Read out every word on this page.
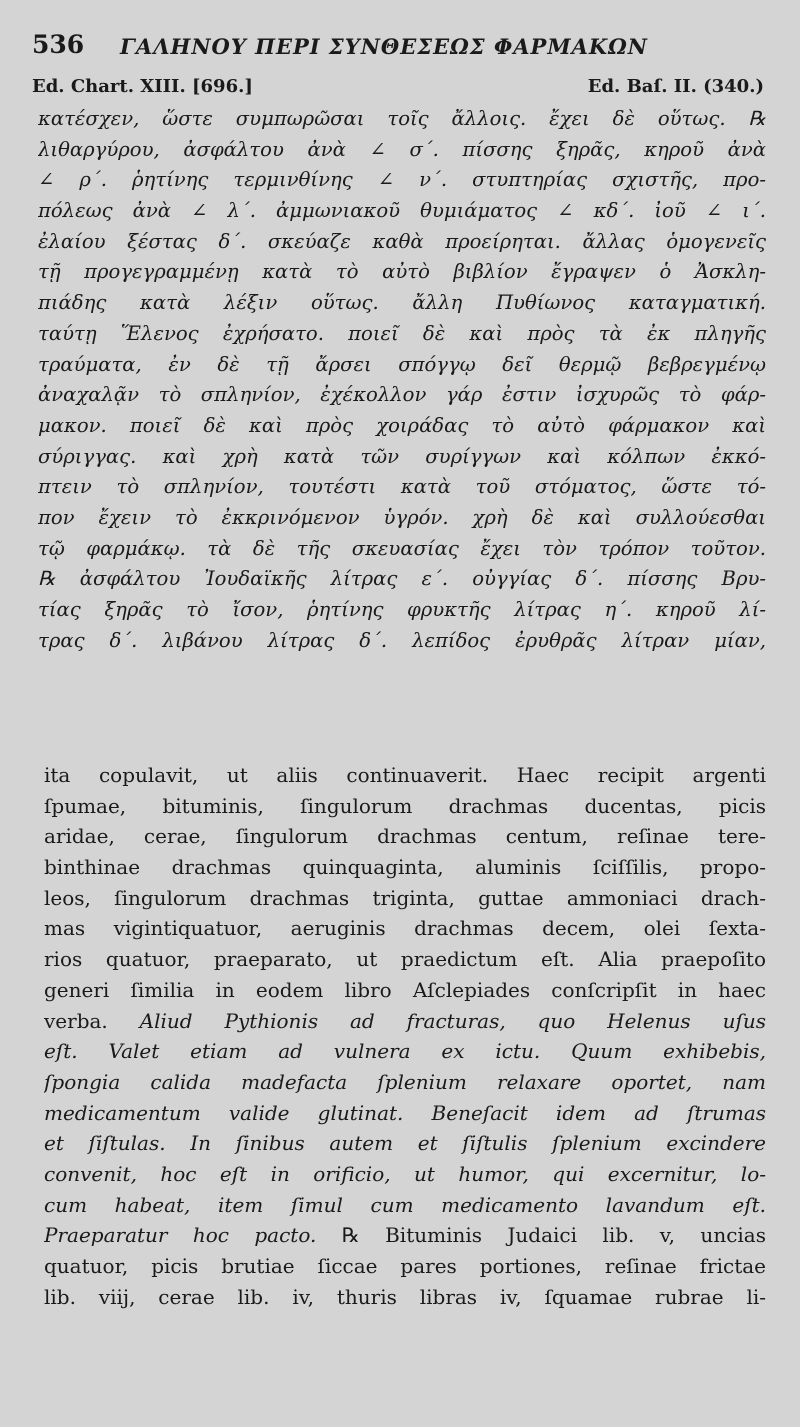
536 ΓΑΛΗΝΟΥ ΠΕΡΙ ΣΥΝΘΕΣΕΩΣ ΦΑΡΜΑΚΩΝ
Ed. Chart. XIII. [696.]	Ed. Baſ. II. (340.)
κατέσχεν, ὥστε συμπωρῶσαι τοῖς ἄλλοις. ἔχει δὲ οὕτως. ℞
λιθαργύρου, ἀσφάλτου ἀνὰ ∠ σ΄. πίσσης ξηρᾶς, κηροῦ ἀνὰ
∠ ρ΄. ῥητίνης τερμινθίνης ∠ ν΄. στυπτηρίας σχιστῆς, προ-
πόλεως ἀνὰ ∠ λ΄. ἀμμωνιακοῦ θυμιάματος ∠ κδ΄. ἰοῦ ∠ ι΄.
ἐλαίου ξέστας δ΄. σκεύαζε καθὰ προείρηται. ἄλλας ὁμογενεῖς
τῇ προγεγραμμένῃ κατὰ τὸ αὐτὸ βιβλίον ἔγραψεν ὁ Ἀσκλη-
πιάδης κατὰ λέξιν οὕτως. ἄλλη Πυθίωνος καταγματική.
ταύτῃ Ἕλενος ἐχρήσατο. ποιεῖ δὲ καὶ πρὸς τὰ ἐκ πληγῆς
τραύματα, ἐν δὲ τῇ ἄρσει σπόγγῳ δεῖ θερμῷ βεβρεγμένῳ
ἀναχαλᾷν τὸ σπληνίον, ἐχέκολλον γάρ ἐστιν ἰσχυρῶς τὸ φάρ-
μακον. ποιεῖ δὲ καὶ πρὸς χοιράδας τὸ αὐτὸ φάρμακον καὶ
σύριγγας. καὶ χρὴ κατὰ τῶν συρίγγων καὶ κόλπων ἐκκό-
πτειν τὸ σπληνίον, τουτέστι κατὰ τοῦ στόματος, ὥστε τό-
πον ἔχειν τὸ ἐκκρινόμενον ὑγρόν. χρὴ δὲ καὶ συλλούεσθαι
τῷ φαρμάκῳ. τὰ δὲ τῆς σκευασίας ἔχει τὸν τρόπον τοῦτον.
℞ ἀσφάλτου Ἰουδαϊκῆς λίτρας ε΄. οὐγγίας δ΄. πίσσης Βρυ-
τίας ξηρᾶς τὸ ἴσον, ῥητίνης φρυκτῆς λίτρας η΄. κηροῦ λί-
τρας δ΄. λιβάνου λίτρας δ΄. λεπίδος ἐρυθρᾶς λίτραν μίαν,
ita copulavit, ut aliis continuaverit. Haec recipit argenti
ſpumae, bituminis, ſingulorum drachmas ducentas, picis
aridae, cerae, ſingulorum drachmas centum, reſinae tere-
binthinae drachmas quinquaginta, aluminis ſciſſilis, propo-
leos, ſingulorum drachmas triginta, guttae ammoniaci drach-
mas vigintiquatuor, aeruginis drachmas decem, olei ſexta-
rios quatuor, praeparato, ut praedictum eſt. Alia praepoſito
generi ſimilia in eodem libro Aſclepiades conſcripſit in haec
verba. Aliud Pythionis ad fracturas, quo Helenus uſus
eſt. Valet etiam ad vulnera ex ictu. Quum exhibebis,
ſpongia calida madefacta ſplenium relaxare oportet, nam
medicamentum valide glutinat. Beneſacit idem ad ſtrumas
et ſiſtulas. In ſinibus autem et ſiſtulis ſplenium excindere
convenit, hoc eſt in orificio, ut humor, qui excernitur, lo-
cum habeat, item ſimul cum medicamento lavandum eſt.
Praeparatur hoc pacto. ℞ Bituminis Judaici lib. v, uncias
quatuor, picis brutiae ſiccae pares portiones, reſinae frictae
lib. viij, cerae lib. iv, thuris libras iv, ſquamae rubrae li-
